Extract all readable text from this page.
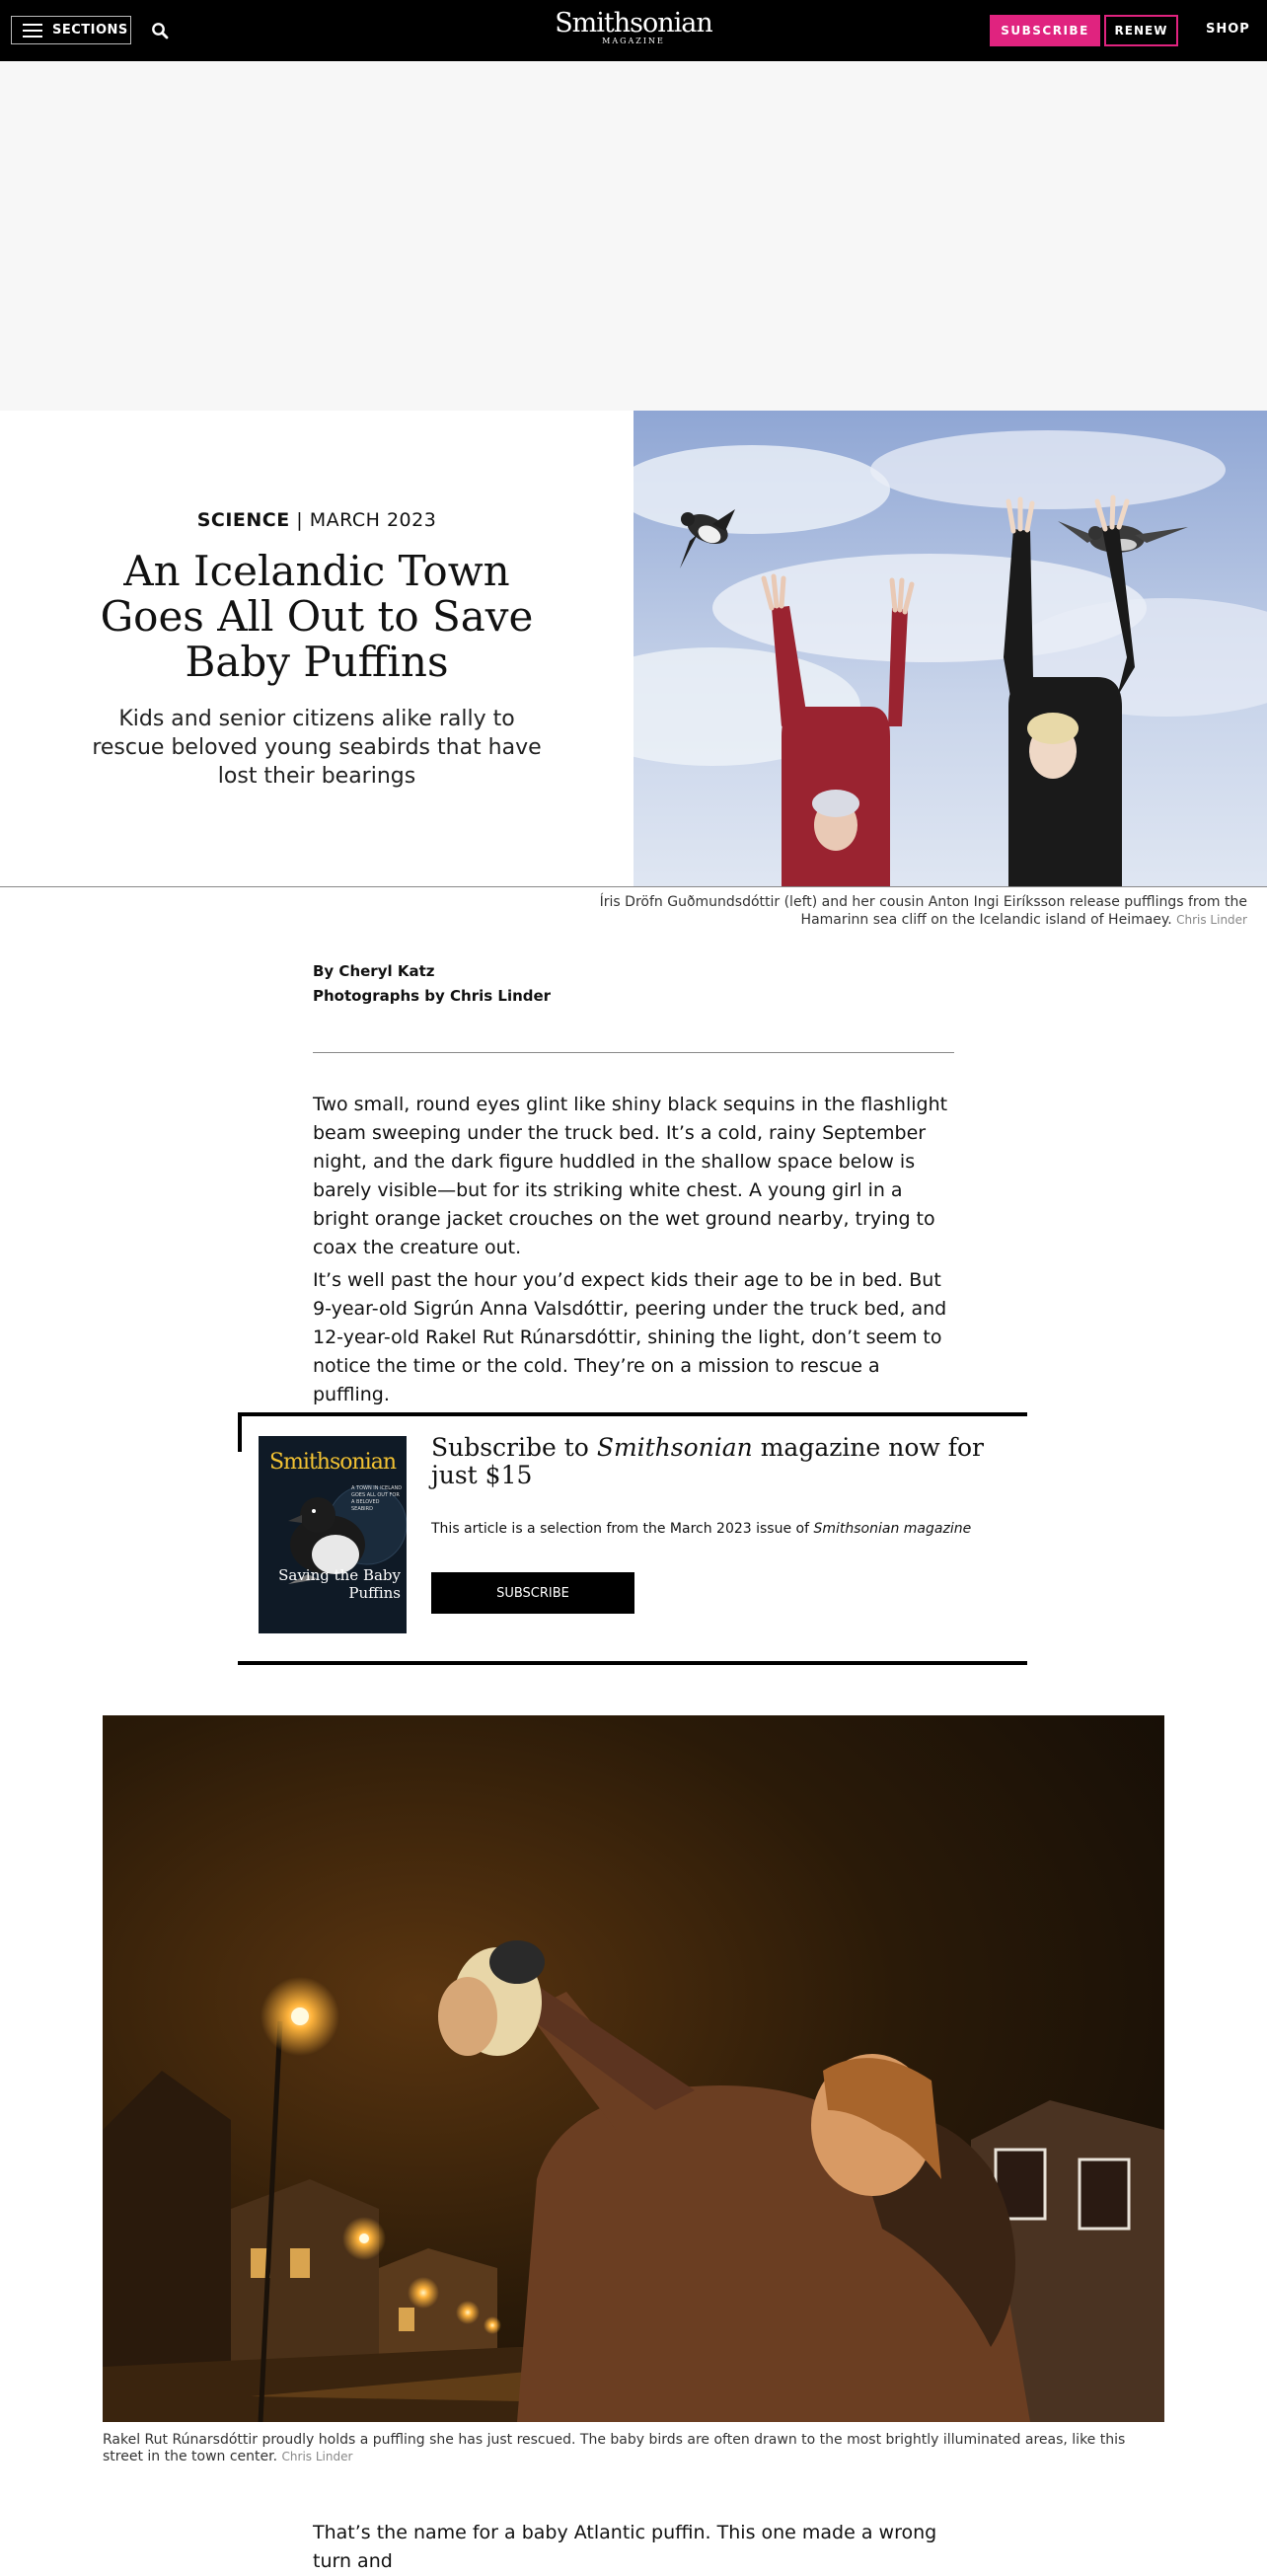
SECTIONS	Smithsonian
MAGAZINE
SUBSCRIBE	RENEW	SHOP
SCIENCE | MARCH 2023
An Icelandic Town Goes All Out to Save Baby Puffins

Kids and senior citizens alike rally to rescue beloved young seabirds that have lost their bearings

Íris Dröfn Guðmundsdóttir (left) and her cousin Anton Ingi Eiríksson release pufflings from the Hamarinn sea cliff on the Icelandic island of Heimaey. Chris Linder
By Cheryl Katz
Photographs by Chris Linder

Two small, round eyes glint like shiny black sequins in the flashlight beam sweeping under the truck bed. It’s a cold, rainy September night, and the dark figure huddled in the shallow space below is barely visible—but for its striking white chest. A young girl in a bright orange jacket crouches on the wet ground nearby, trying to coax the creature out.

It’s well past the hour you’d expect kids their age to be in bed. But 9-year-old Sigrún Anna Valsdóttir, peering under the truck bed, and 12-year-old Rakel Rut Rúnarsdóttir, shining the light, don’t seem to notice the time or the cold. They’re on a mission to rescue a puffling.

Smithsonian
A TOWN IN ICELAND GOES ALL OUT FOR A BELOVED SEABIRD
Saving the Baby Puffins
Subscribe to Smithsonian magazine now for just $15
This article is a selection from the March 2023 issue of Smithsonian magazine
SUBSCRIBE
Rakel Rut Rúnarsdóttir proudly holds a puffling she has just rescued. The baby birds are often drawn to the most brightly illuminated areas, like this street in the town center. Chris Linder

That’s the name for a baby Atlantic puffin. This one made a wrong turn and
